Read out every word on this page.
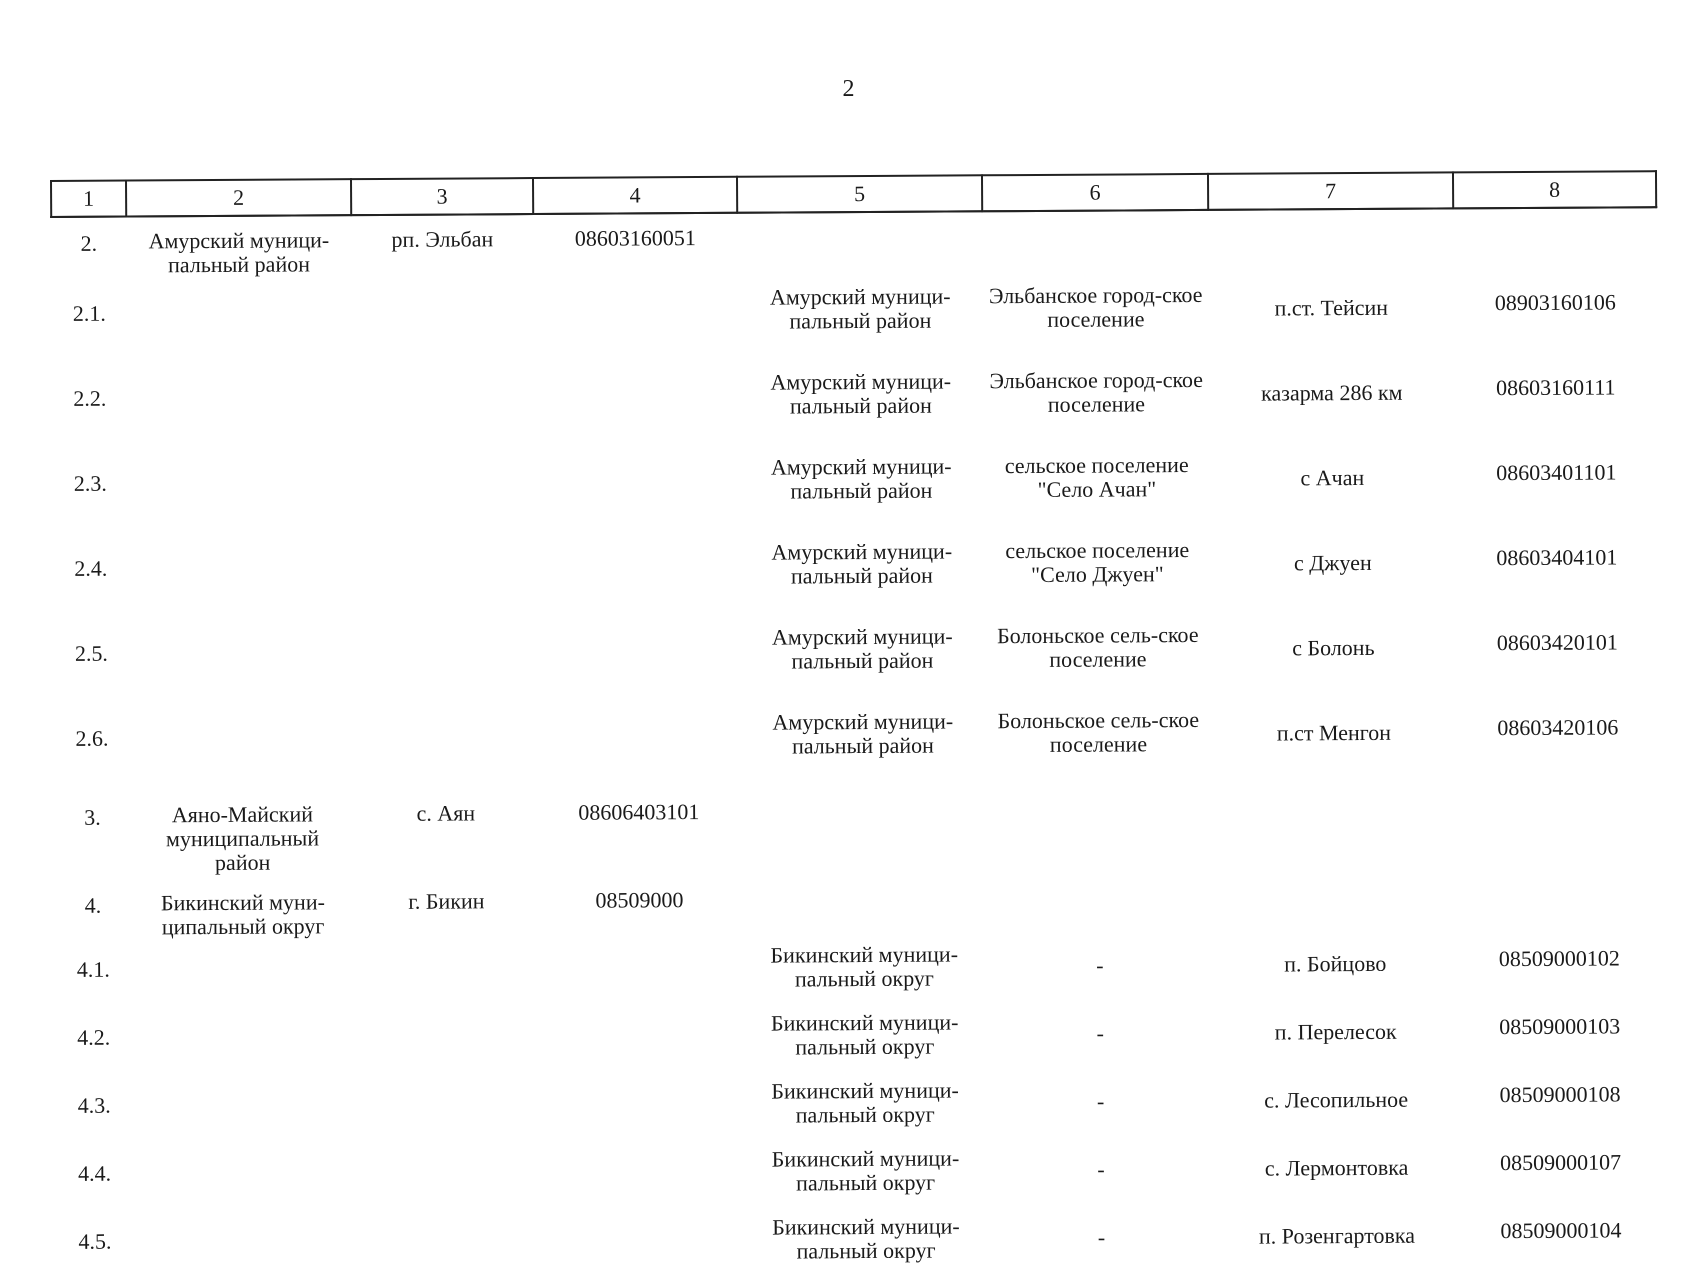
2
1	2	3	4	5	6	7	8
2.	Амурский муници-пальный район	рп. Эльбан	08603160051				
2.1.				Амурский муници-пальный район	Эльбанское город-ское поселение	п.ст. Тейсин	08903160106
2.2.				Амурский муници-пальный район	Эльбанское город-ское поселение	казарма 286 км	08603160111
2.3.				Амурский муници-пальный район	сельское поселение "Село Ачан"	с Ачан	08603401101
2.4.				Амурский муници-пальный район	сельское поселение "Село Джуен"	с Джуен	08603404101
2.5.				Амурский муници-пальный район	Болоньское сель-ское поселение	с Болонь	08603420101
2.6.				Амурский муници-пальный район	Болоньское сель-ское поселение	п.ст Менгон	08603420106
3.	Аяно-Майский муниципальный район	с. Аян	08606403101				
4.	Бикинский муни-ципальный округ	г. Бикин	08509000				
4.1.				Бикинский муници-пальный округ	-	п. Бойцово	08509000102
4.2.				Бикинский муници-пальный округ	-	п. Перелесок	08509000103
4.3.				Бикинский муници-пальный округ	-	с. Лесопильное	08509000108
4.4.				Бикинский муници-пальный округ	-	с. Лермонтовка	08509000107
4.5.				Бикинский муници-пальный округ	-	п. Розенгартовка	08509000104
